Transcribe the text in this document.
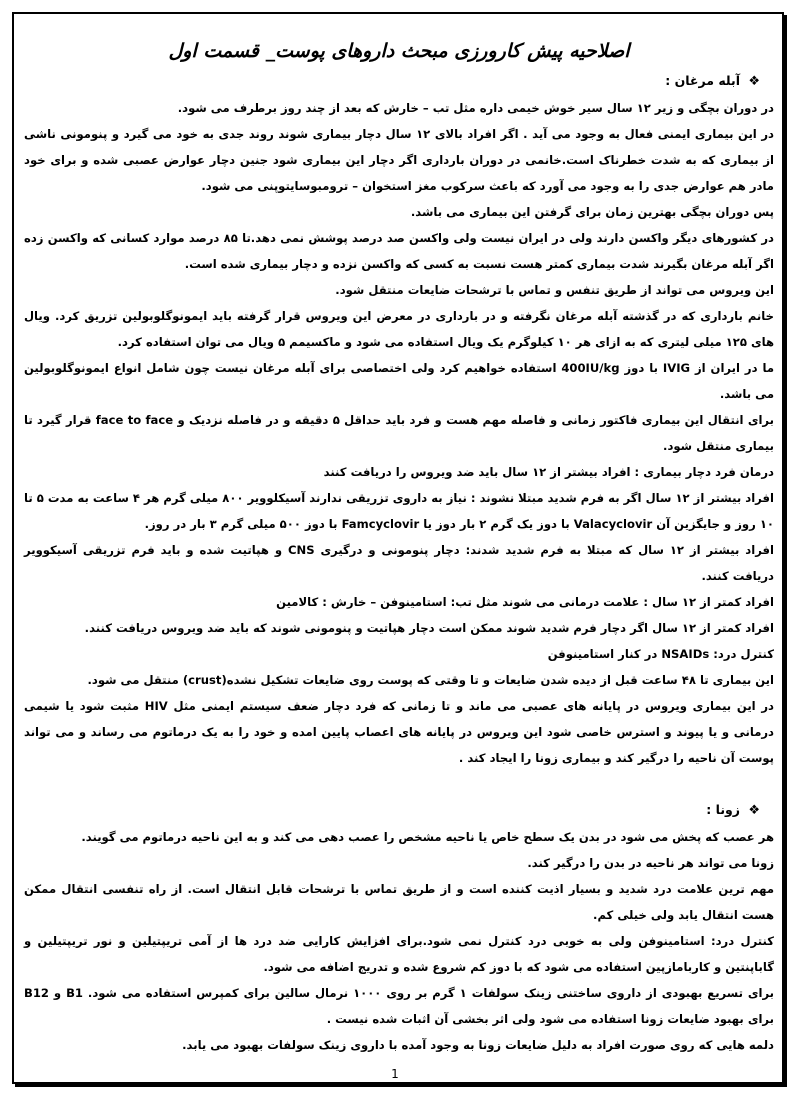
اصلاحیه پیش کارورزی مبحث داروهای پوست_ قسمت اول
❖آبله مرغان :

در دوران بچگی و زیر ۱۲ سال سیر خوش خیمی داره مثل تب – خارش که بعد از چند روز برطرف می شود.

در این بیماری ایمنی فعال به وجود می آید . اگر افراد بالای ۱۲ سال دچار بیماری شوند روند جدی به خود می گیرد و پنومونی ناشی از بیماری که به شدت خطرناک است.خانمی در دوران بارداری اگر دچار این بیماری شود جنین دچار عوارض عصبی شده و برای خود مادر هم عوارض جدی را به وجود می آورد که باعث سرکوب مغز استخوان – ترومبوسایتوپنی می شود.

پس دوران بچگی بهترین زمان برای گرفتن این بیماری می باشد.

در کشورهای دیگر واکسن دارند ولی در ایران نیست ولی واکسن صد درصد پوشش نمی دهد.تا ۸۵ درصد موارد کسانی که واکسن زده اگر آبله مرغان بگیرند شدت بیماری کمتر هست نسبت به کسی که واکسن نزده و دچار بیماری شده است.

این ویروس می تواند از طریق تنفس و تماس با ترشحات ضایعات منتقل شود.

خانم بارداری که در گذشته آبله مرغان نگرفته و در بارداری در معرض این ویروس قرار گرفته باید ایمونوگلوبولین تزریق کرد. ویال های ۱۲۵ میلی لیتری که به ازای هر ۱۰ کیلوگرم یک ویال استفاده می شود و ماکسیمم ۵ ویال می توان استفاده کرد.

ما در ایران از IVIG با دوز 400IU/kg استفاده خواهیم کرد ولی اختصاصی برای آبله مرغان نیست چون شامل انواع ایمونوگلوبولین می باشد.

برای انتقال این بیماری فاکتور زمانی و فاصله مهم هست و فرد باید حداقل ۵ دقیقه و در فاصله نزدیک و face to face قرار گیرد تا بیماری منتقل شود.

درمان فرد دچار بیماری : افراد بیشتر از ۱۲ سال باید ضد ویروس را دریافت کنند

افراد بیشتر از ۱۲ سال اگر به فرم شدید مبتلا نشوند : نیاز به داروی تزریقی ندارند آسیکلوویر ۸۰۰ میلی گرم هر ۴ ساعت به مدت ۵ تا ۱۰ روز و جایگزین آن Valacyclovir با دوز یک گرم ۲ بار دوز یا Famcyclovir با دوز ۵۰۰ میلی گرم ۳ بار در روز.

افراد بیشتر از ۱۲ سال که مبتلا به فرم شدید شدند: دچار پنومونی و درگیری CNS و هپاتیت شده و باید فرم تزریقی آسیکوویر دریافت کنند.

افراد کمتر از ۱۲ سال : علامت درمانی می شوند مثل تب: استامینوفن – خارش : کالامین

افراد کمتر از ۱۲ سال اگر دچار فرم شدید شوند ممکن است دچار هپاتیت و پنومونی شوند که باید ضد ویروس دریافت کنند.

کنترل درد: NSAIDs در کنار استامینوفن

این بیماری تا ۴۸ ساعت قبل از دیده شدن ضایعات و تا وقتی که پوست روی ضایعات تشکیل نشده(crust) منتقل می شود.

در این بیماری ویروس در پایانه های عصبی می ماند و تا زمانی که فرد دچار ضعف سیستم ایمنی مثل HIV مثبت شود یا شیمی درمانی و یا پیوند و استرس خاصی شود این ویروس در پایانه های اعصاب پایین امده و خود را به یک درماتوم می رساند و می تواند پوست آن ناحیه را درگیر کند و بیماری زونا را ایجاد کند .

❖زونا :

هر عصب که پخش می شود در بدن یک سطح خاص یا ناحیه مشخص را عصب دهی می کند و به این ناحیه درماتوم می گویند.

زونا می تواند هر ناحیه در بدن را درگیر کند.

مهم ترین علامت درد شدید و بسیار اذیت کننده است و از طریق تماس با ترشحات قابل انتقال است. از راه تنفسی انتقال ممکن هست انتقال یابد ولی خیلی کم.

کنترل درد: استامینوفن ولی به خوبی درد کنترل نمی شود.برای افزایش کارایی ضد درد ها از آمی تریپتیلین و نور تریپتیلین و گاباپنتین و کاربامازپین استفاده می شود که با دوز کم شروع شده و تدریج اضافه می شود.

برای تسریع بهبودی از داروی ساختنی زینک سولفات ۱ گرم بر روی ۱۰۰۰ نرمال سالین برای کمپرس استفاده می شود. B1 و B12 برای بهبود ضایعات زونا استفاده می شود ولی اثر بخشی آن اثبات شده نیست .

دلمه هایی که روی صورت افراد به دلیل ضایعات زونا به وجود آمده با داروی زینک سولفات بهبود می یابد.

1
